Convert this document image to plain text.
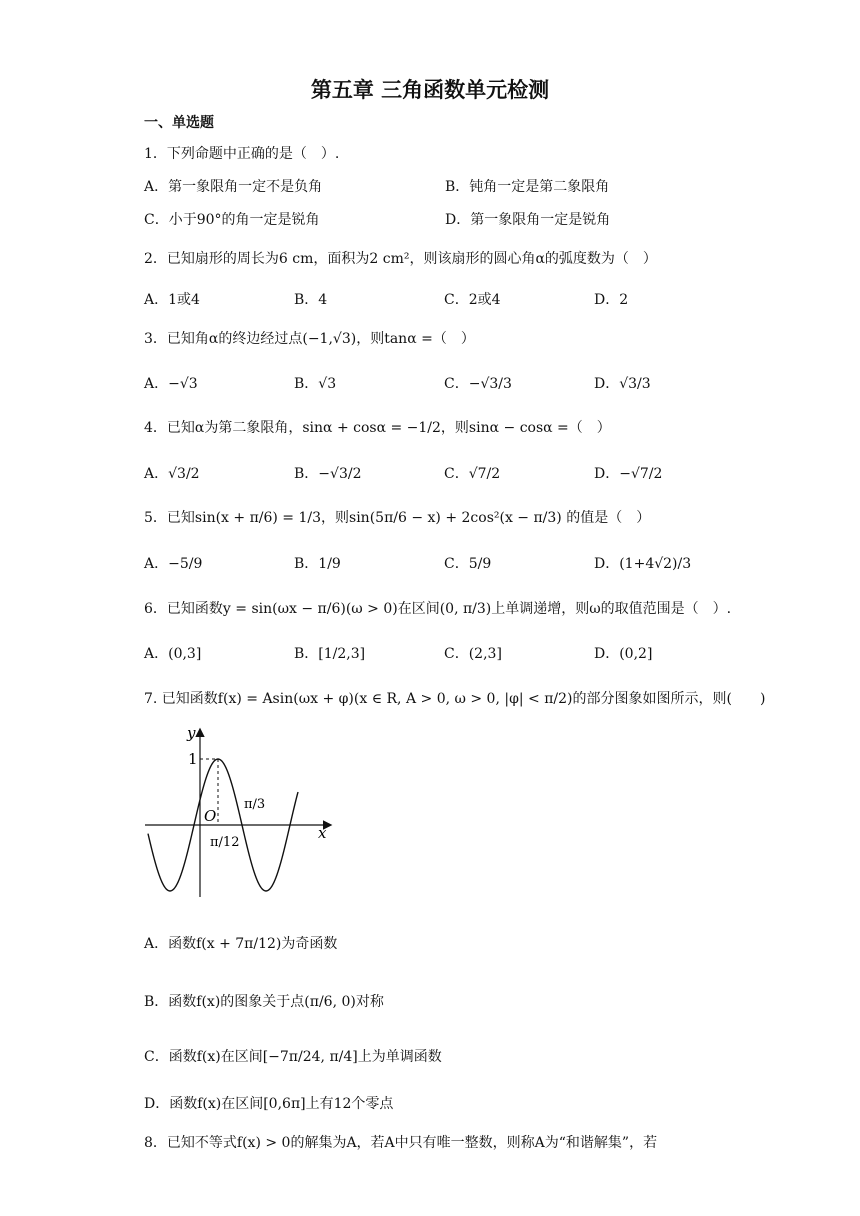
第五章 三角函数单元检测
一、单选题
1．下列命题中正确的是（　）.
A．第一象限角一定不是负角	B．钝角一定是第二象限角
C．小于90°的角一定是锐角	D．第一象限角一定是锐角
2．已知扇形的周长为6 cm，面积为2 cm²，则该扇形的圆心角α的弧度数为（　）
A．1或4	B．4	C．2或4	D．2
3．已知角α的终边经过点(−1,√3)，则tanα =（　）
A．−√3	B．√3	C．−√3/3	D．√3/3
4．已知α为第二象限角，sinα + cosα = −1/2，则sinα − cosα =（　）
A．√3/2	B．−√3/2	C．√7/2	D．−√7/2
5．已知sin(x + π/6) = 1/3，则sin(5π/6 − x) + 2cos²(x − π/3) 的值是（　）
A．−5/9	B．1/9	C．5/9	D．(1+4√2)/3
6．已知函数y = sin(ωx − π/6)(ω > 0)在区间(0, π/3)上单调递增，则ω的取值范围是（　）.
A．(0,3]	B．[1/2,3]	C．(2,3]	D．(0,2]
7. 已知函数f(x) = Asin(ωx + φ)(x ∈ R, A > 0, ω > 0, |φ| < π/2)的部分图象如图所示，则(　　)
y
x
O
1
π/12
π/3
A．函数f(x + 7π/12)为奇函数
B．函数f(x)的图象关于点(π/6, 0)对称
C．函数f(x)在区间[−7π/24, π/4]上为单调函数
D．函数f(x)在区间[0,6π]上有12个零点
8．已知不等式f(x) > 0的解集为A，若A中只有唯一整数，则称A为“和谐解集”，若
